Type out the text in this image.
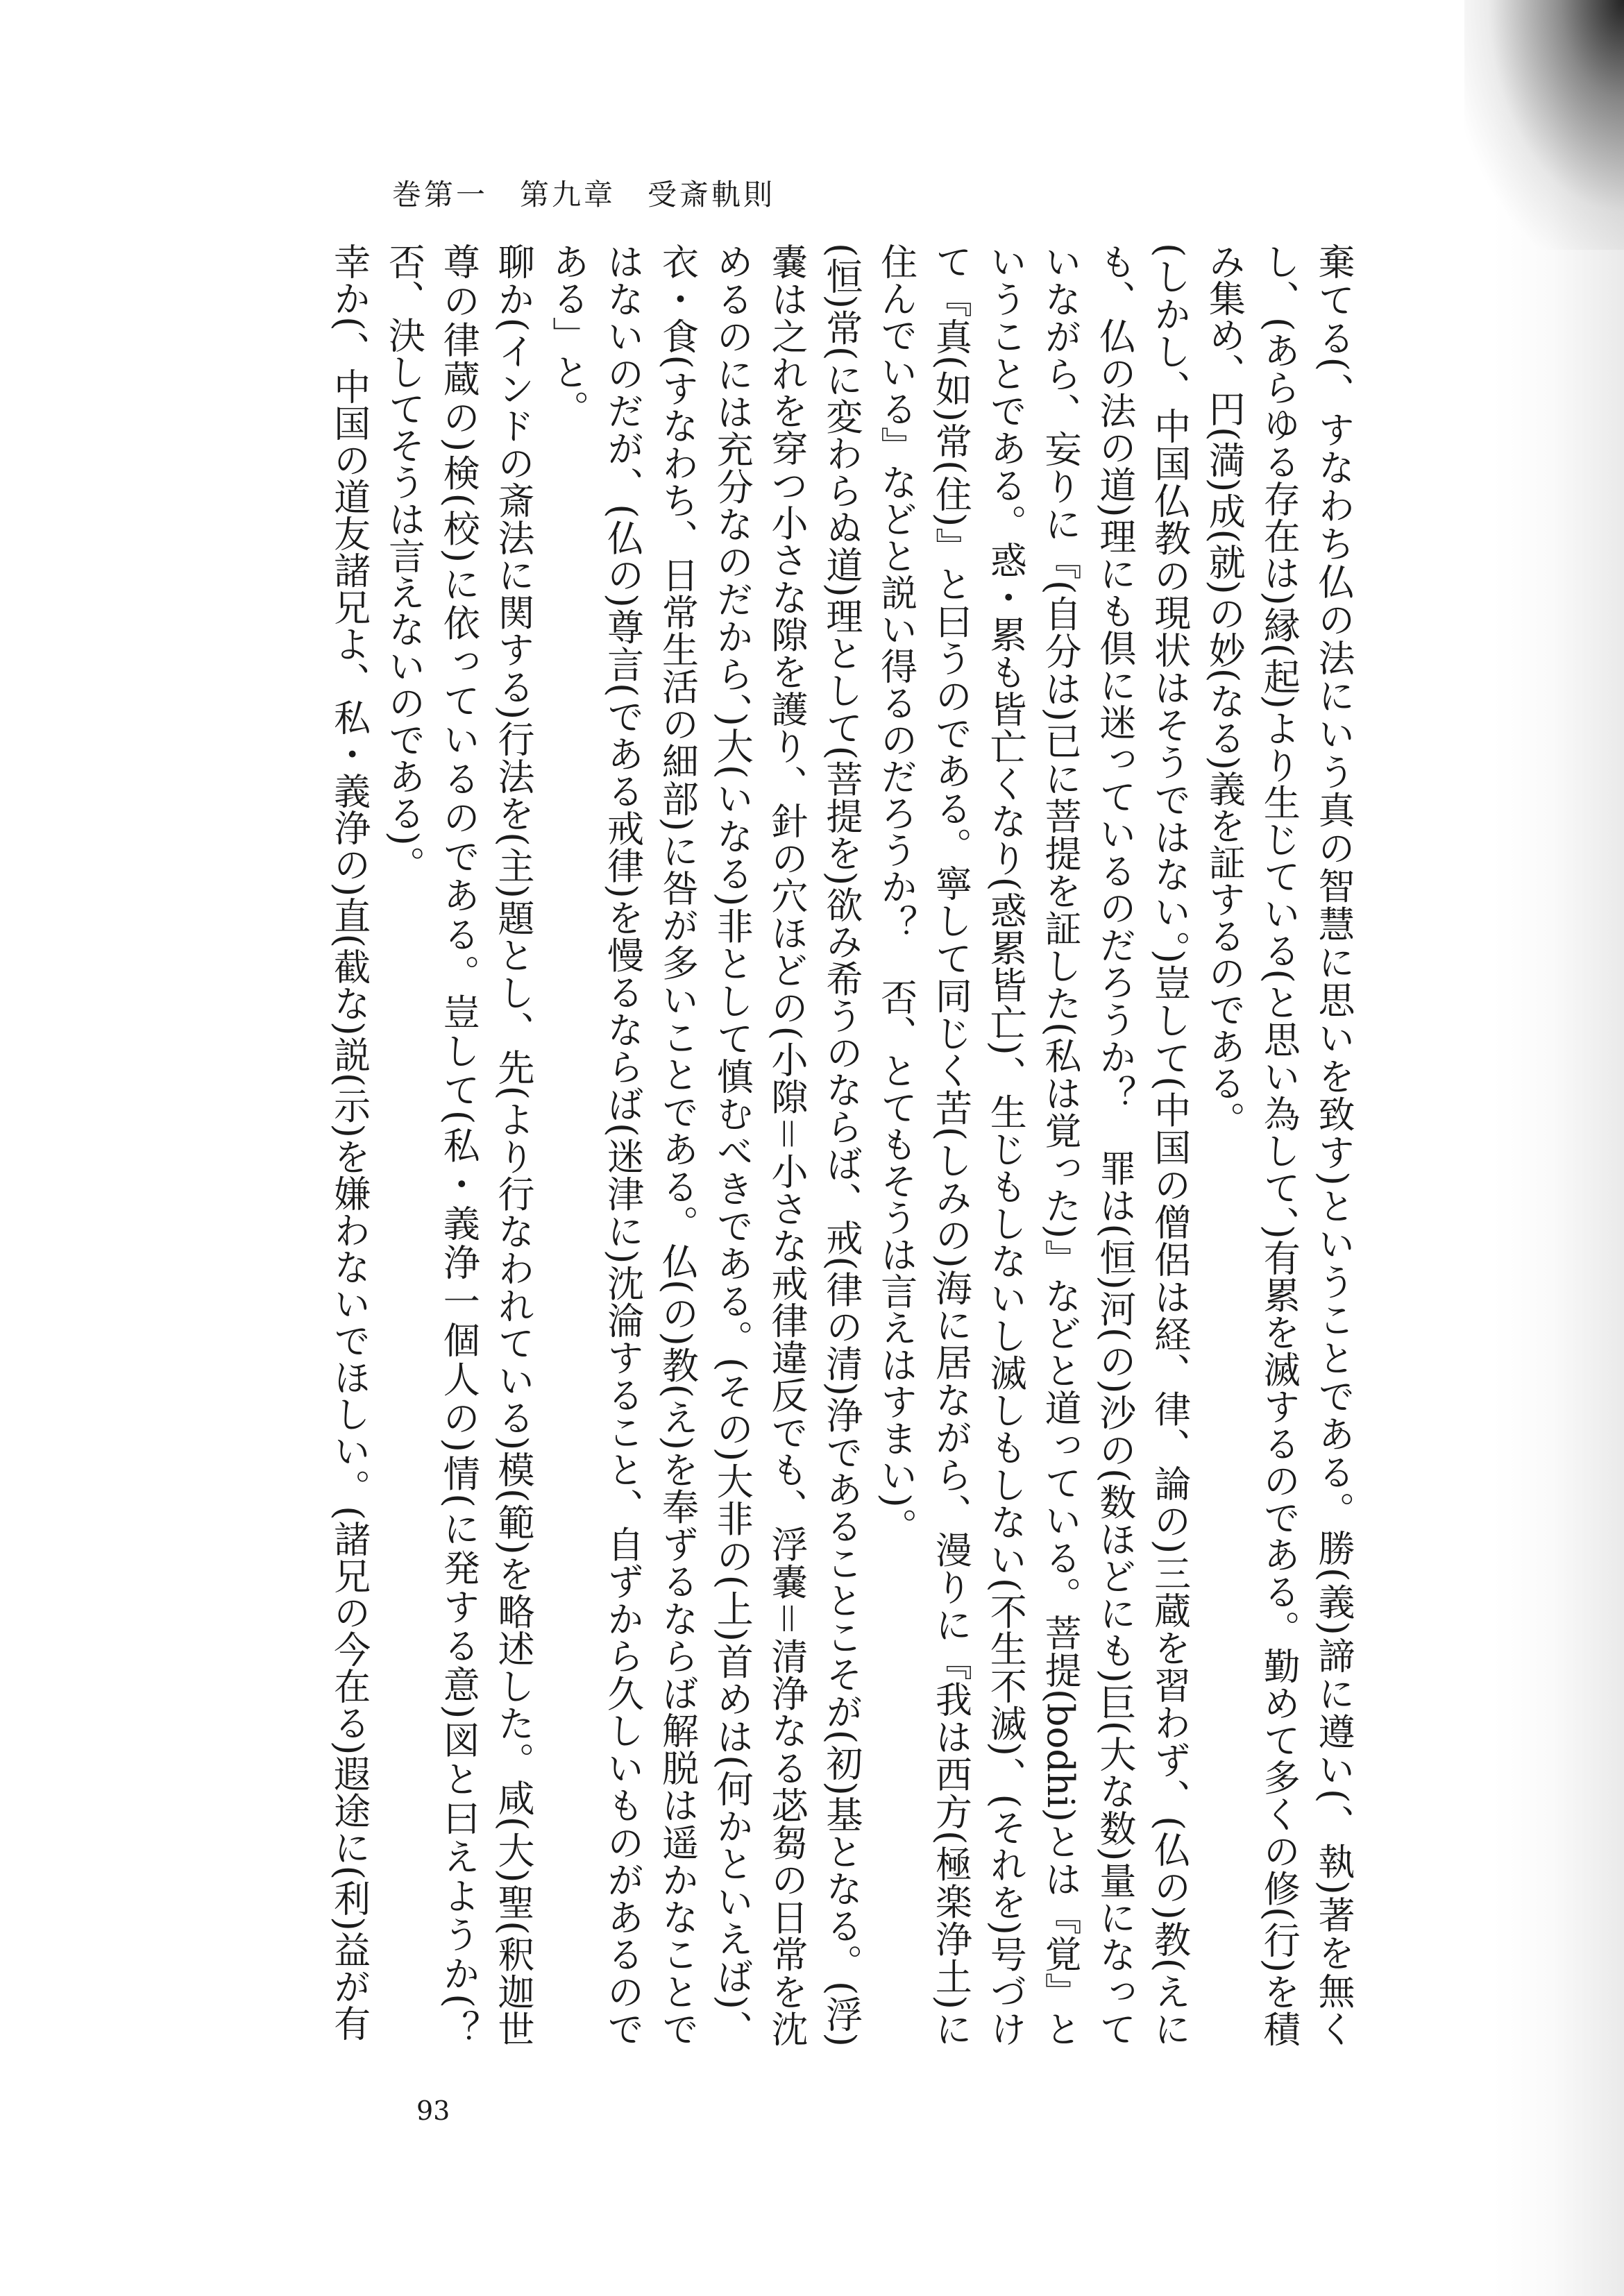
巻第一　第九章　受斎軌則

棄てる(、すなわち仏の法にいう真の智慧に思いを致す)ということである。勝(義)諦に遵い(、執)著を無くし、(あらゆる存在は)縁(起)より生じている(と思い為して、)有累を滅するのである。勤めて多くの修(行)を積み集め、円(満)成(就)の妙(なる)義を証するのである。

(しかし、中国仏教の現状はそうではない。)豈して(中国の僧侶は経、律、論の)三蔵を習わず、(仏の)教(えにも、仏の法の道)理にも倶に迷っているのだろうか？　罪は(恒)河(の)沙の(数ほどにも)巨(大な数)量になっていながら、妄りに『(自分は)已に菩提を証した(私は覚った)』などと道っている。菩提(bodhi)とは『覚』ということである。惑・累も皆亡くなり(惑累皆亡)、生じもしないし滅しもしない(不生不滅)、(それを)号づけて『真(如)常(住)』と曰うのである。寧して同じく苦(しみの)海に居ながら、漫りに『我は西方(極楽浄土)に住んでいる』などと説い得るのだろうか？　否、とてもそうは言えはすまい)。

(恒)常(に変わらぬ道)理として(菩提を)欲み希うのならば、戒(律の清)浄であることこそが(初)基となる。(浮)嚢は之れを穿つ小さな隙を護り、針の穴ほどの(小隙＝小さな戒律違反でも、浮嚢＝清浄なる苾芻の日常を沈めるのには充分なのだから、)大(いなる)非として慎むべきである。(その)大非の(上)首めは(何かといえば)、衣・食(すなわち、日常生活の細部)に咎が多いことである。仏(の)教(え)を奉ずるならば解脱は遥かなことではないのだが、(仏の)尊言(である戒律)を慢るならば(迷津に)沈淪すること、自ずから久しいものがあるのである」と。

聊か(インドの斎法に関する)行法を(主)題とし、先(より行なわれている)模(範)を略述した。咸(大)聖(釈迦世尊の律蔵の)検(校)に依っているのである。豈して(私・義浄一個人の)情(に発する意)図と曰えようか(？　否、決してそうは言えないのである)。

幸か(、中国の道友諸兄よ、私・義浄の)直(截な)説(示)を嫌わないでほしい。(諸兄の今在る)遐途に(利)益が有

93
